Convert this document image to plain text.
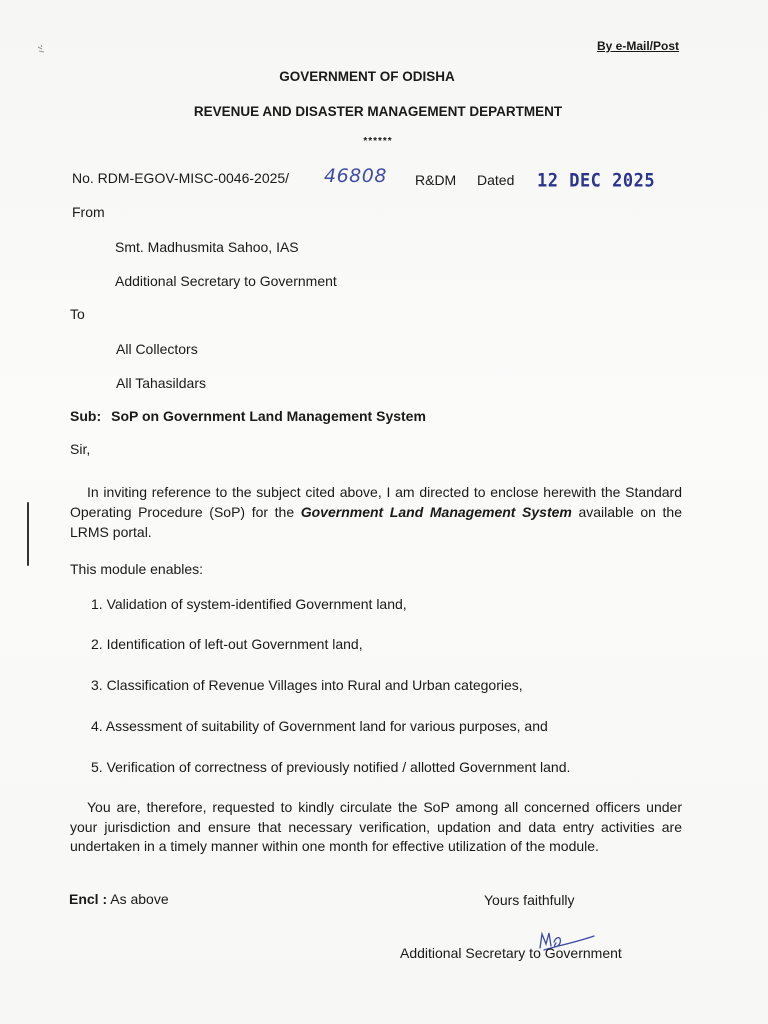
By e-Mail/Post
GOVERNMENT OF ODISHA
REVENUE AND DISASTER MANAGEMENT DEPARTMENT
******
No. RDM-EGOV-MISC-0046-2025/ 46808 R&DM Dated 12 DEC 2025
From
Smt. Madhusmita Sahoo, IAS
Additional Secretary to Government
To
All Collectors
All Tahasildars
Sub: SoP on Government Land Management System
Sir,
In inviting reference to the subject cited above, I am directed to enclose herewith the Standard Operating Procedure (SoP) for the Government Land Management System available on the LRMS portal.
This module enables:
1. Validation of system-identified Government land,
2. Identification of left-out Government land,
3. Classification of Revenue Villages into Rural and Urban categories,
4. Assessment of suitability of Government land for various purposes, and
5. Verification of correctness of previously notified / allotted Government land.
You are, therefore, requested to kindly circulate the SoP among all concerned officers under your jurisdiction and ensure that necessary verification, updation and data entry activities are undertaken in a timely manner within one month for effective utilization of the module.
Encl : As above	Yours faithfully
Additional Secretary to Government
